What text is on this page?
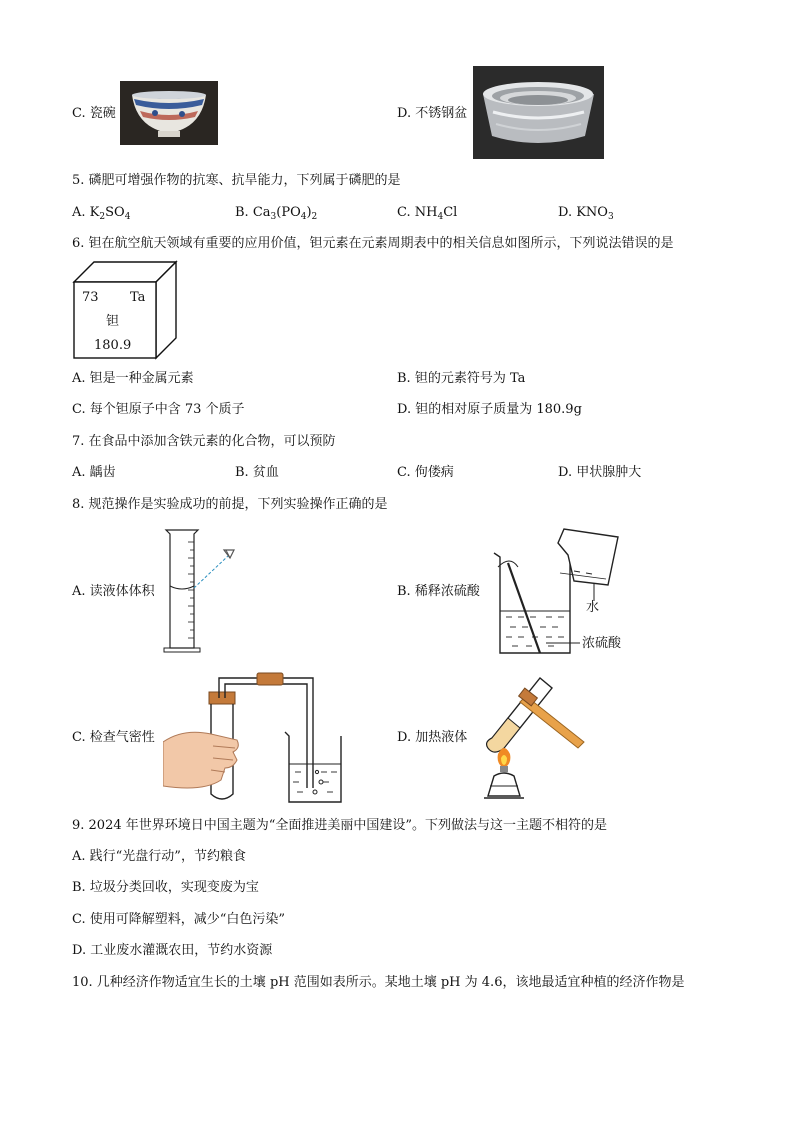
C. 瓷碗	D. 不锈钢盆
5. 磷肥可增强作物的抗寒、抗旱能力，下列属于磷肥的是
A. $K_2SO_4$	B. $Ca_3(PO_4)_2$	C. $NH_4Cl$	D. $KNO_3$
6. 钽在航空航天领域有重要的应用价值，钽元素在元素周期表中的相关信息如图所示，下列说法错误的是
73 Ta
钽
180.9
A. 钽是一种金属元素	B. 钽的元素符号为 Ta
C. 每个钽原子中含 73 个质子	D. 钽的相对原子质量为 180.9g
7. 在食品中添加含铁元素的化合物，可以预防
A. 龋齿	B. 贫血	C. 佝偻病	D. 甲状腺肿大
8. 规范操作是实验成功的前提，下列实验操作正确的是
A. 读液体体积	B. 稀释浓硫酸
水
浓硫酸
C. 检查气密性	D. 加热液体
9. 2024 年世界环境日中国主题为“全面推进美丽中国建设”。下列做法与这一主题不相符的是
A. 践行“光盘行动”，节约粮食
B. 垃圾分类回收，实现变废为宝
C. 使用可降解塑料，减少“白色污染”
D. 工业废水灌溉农田，节约水资源
10. 几种经济作物适宜生长的土壤 pH 范围如表所示。某地土壤 pH 为 4.6，该地最适宜种植的经济作物是
